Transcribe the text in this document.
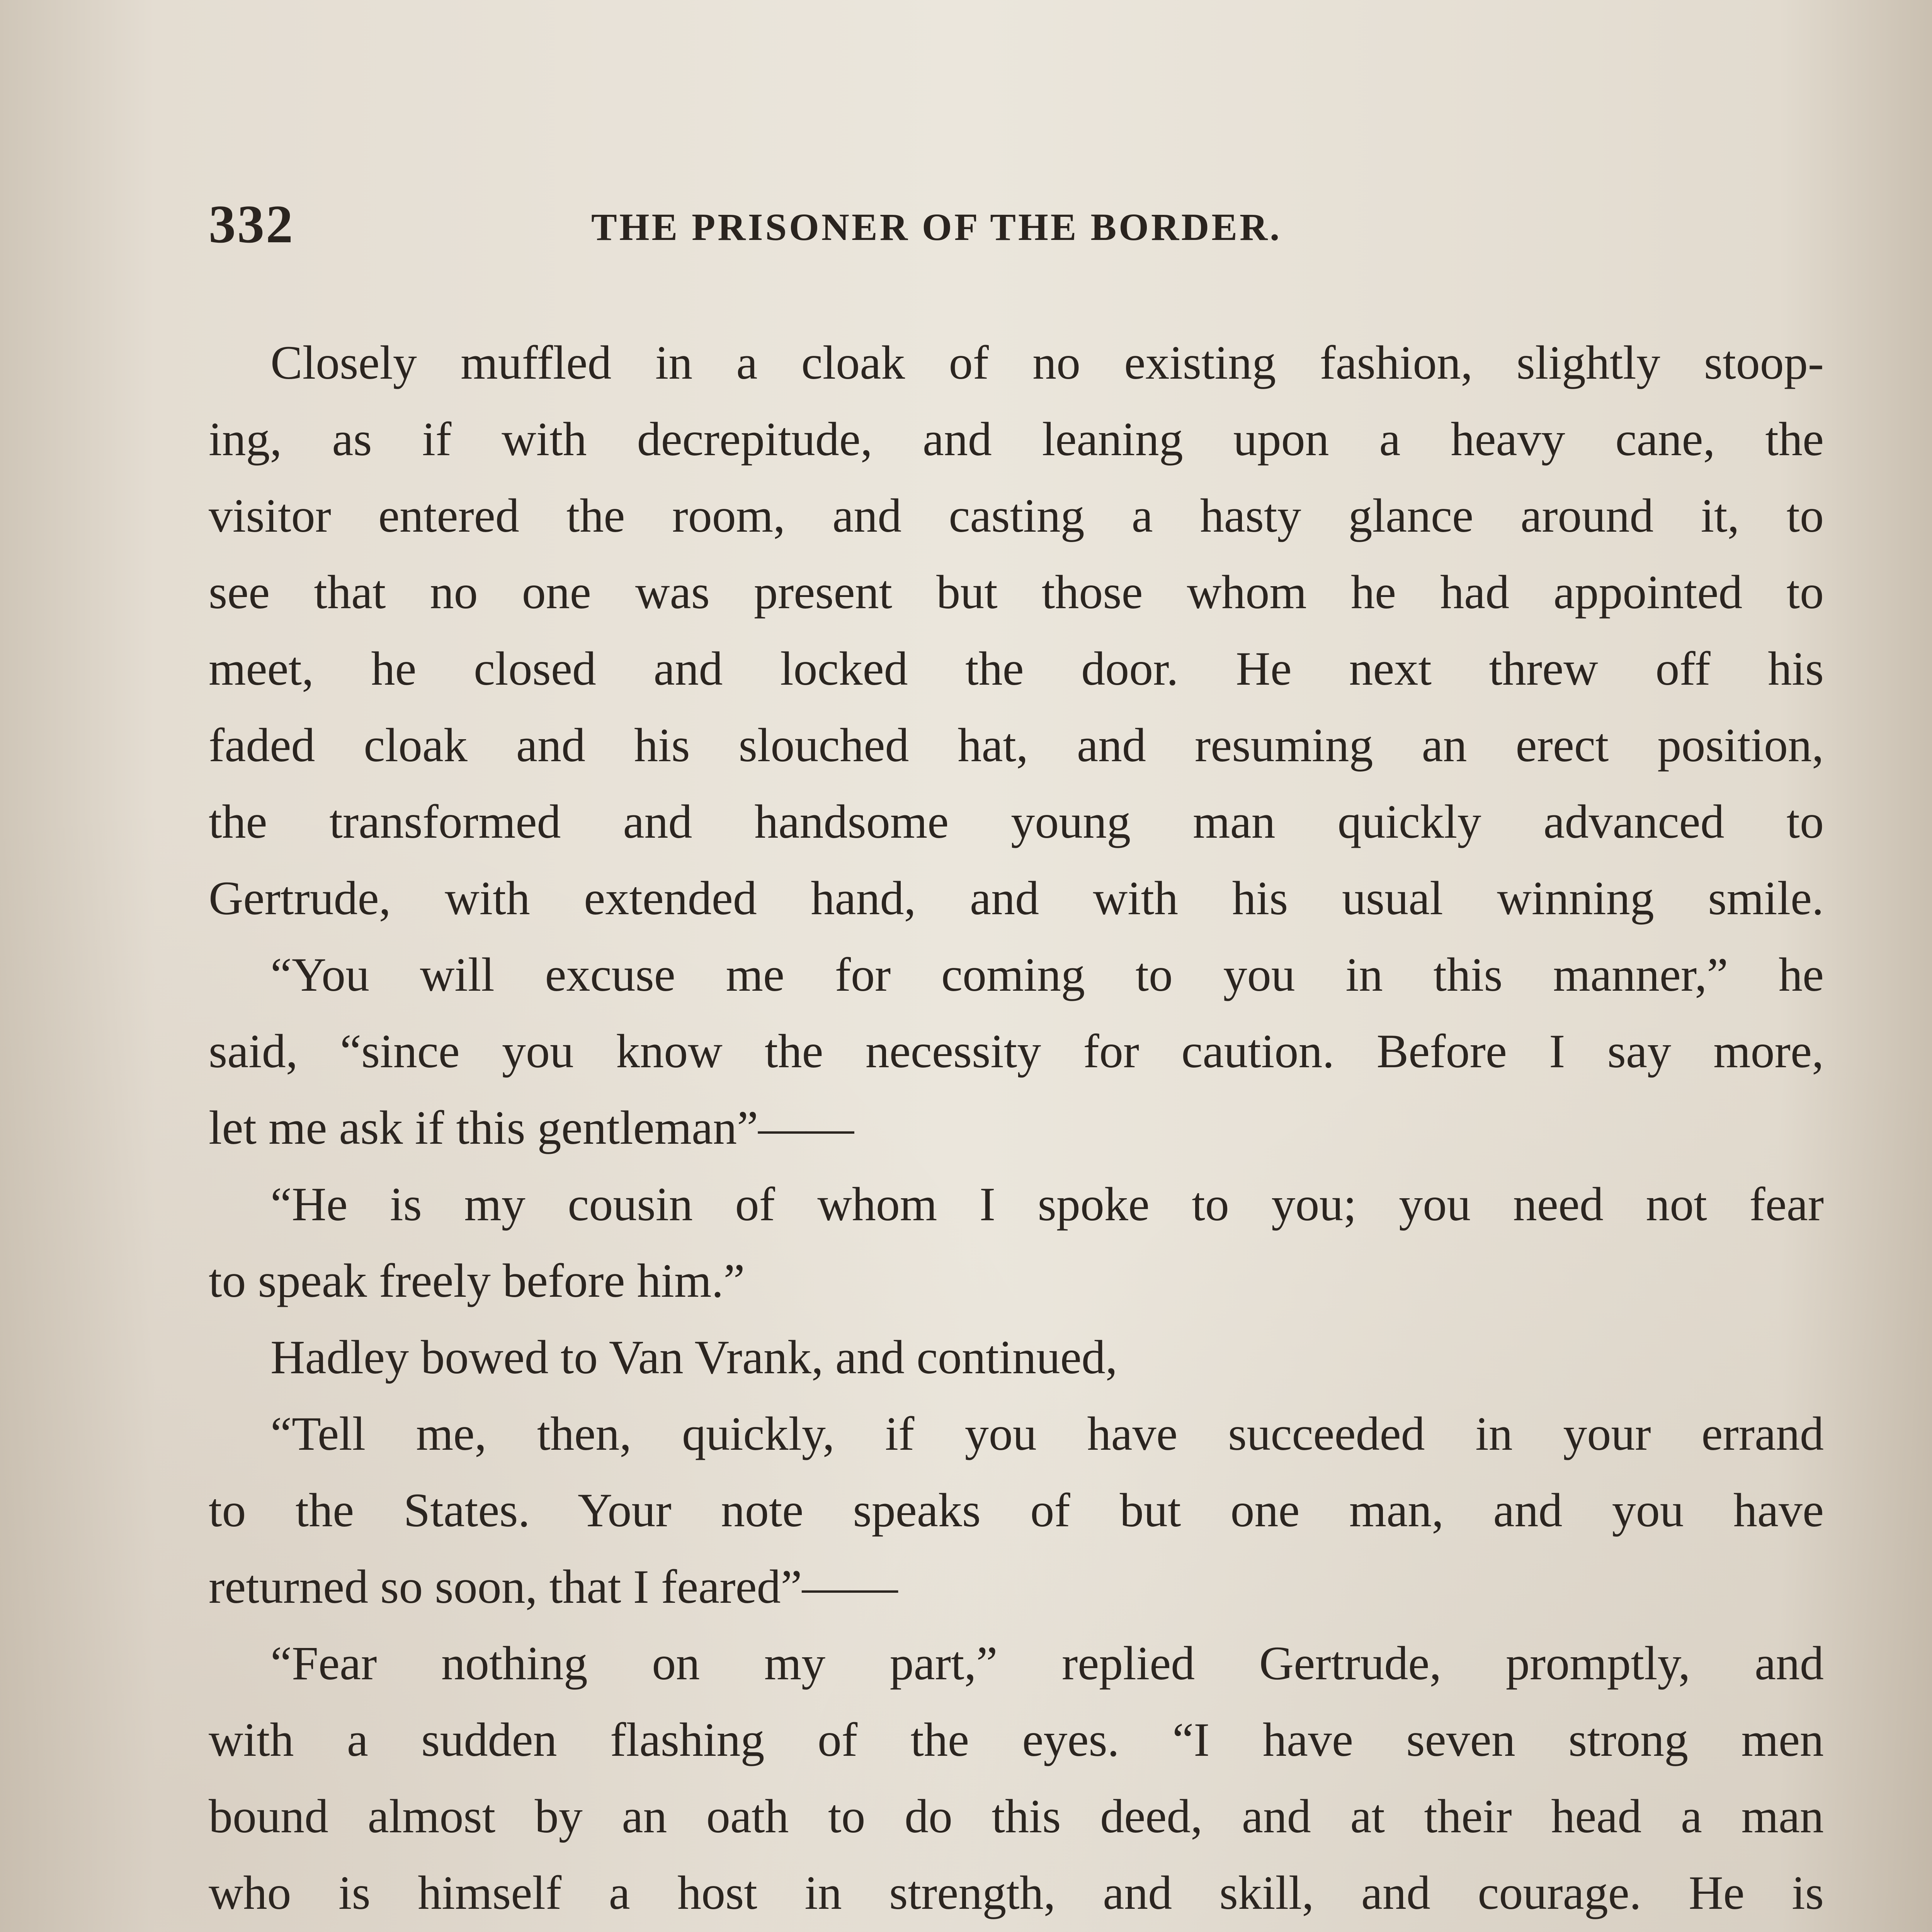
332	THE PRISONER OF THE BORDER.
Closely muffled in a cloak of no existing fashion, slightly stoop-
ing, as if with decrepitude, and leaning upon a heavy cane, the
visitor entered the room, and casting a hasty glance around it, to
see that no one was present but those whom he had appointed to
meet, he closed and locked the door. He next threw off his
faded cloak and his slouched hat, and resuming an erect position,
the transformed and handsome young man quickly advanced to
Gertrude, with extended hand, and with his usual winning smile.
“You will excuse me for coming to you in this manner,” he
said, “since you know the necessity for caution. Before I say more,
let me ask if this gentleman”——
“He is my cousin of whom I spoke to you; you need not fear
to speak freely before him.”
Hadley bowed to Van Vrank, and continued,
“Tell me, then, quickly, if you have succeeded in your errand
to the States. Your note speaks of but one man, and you have
returned so soon, that I feared”——
“Fear nothing on my part,” replied Gertrude, promptly, and
with a sudden flashing of the eyes. “I have seven strong men
bound almost by an oath to do this deed, and at their head a man
who is himself a host in strength, and skill, and courage. He is
